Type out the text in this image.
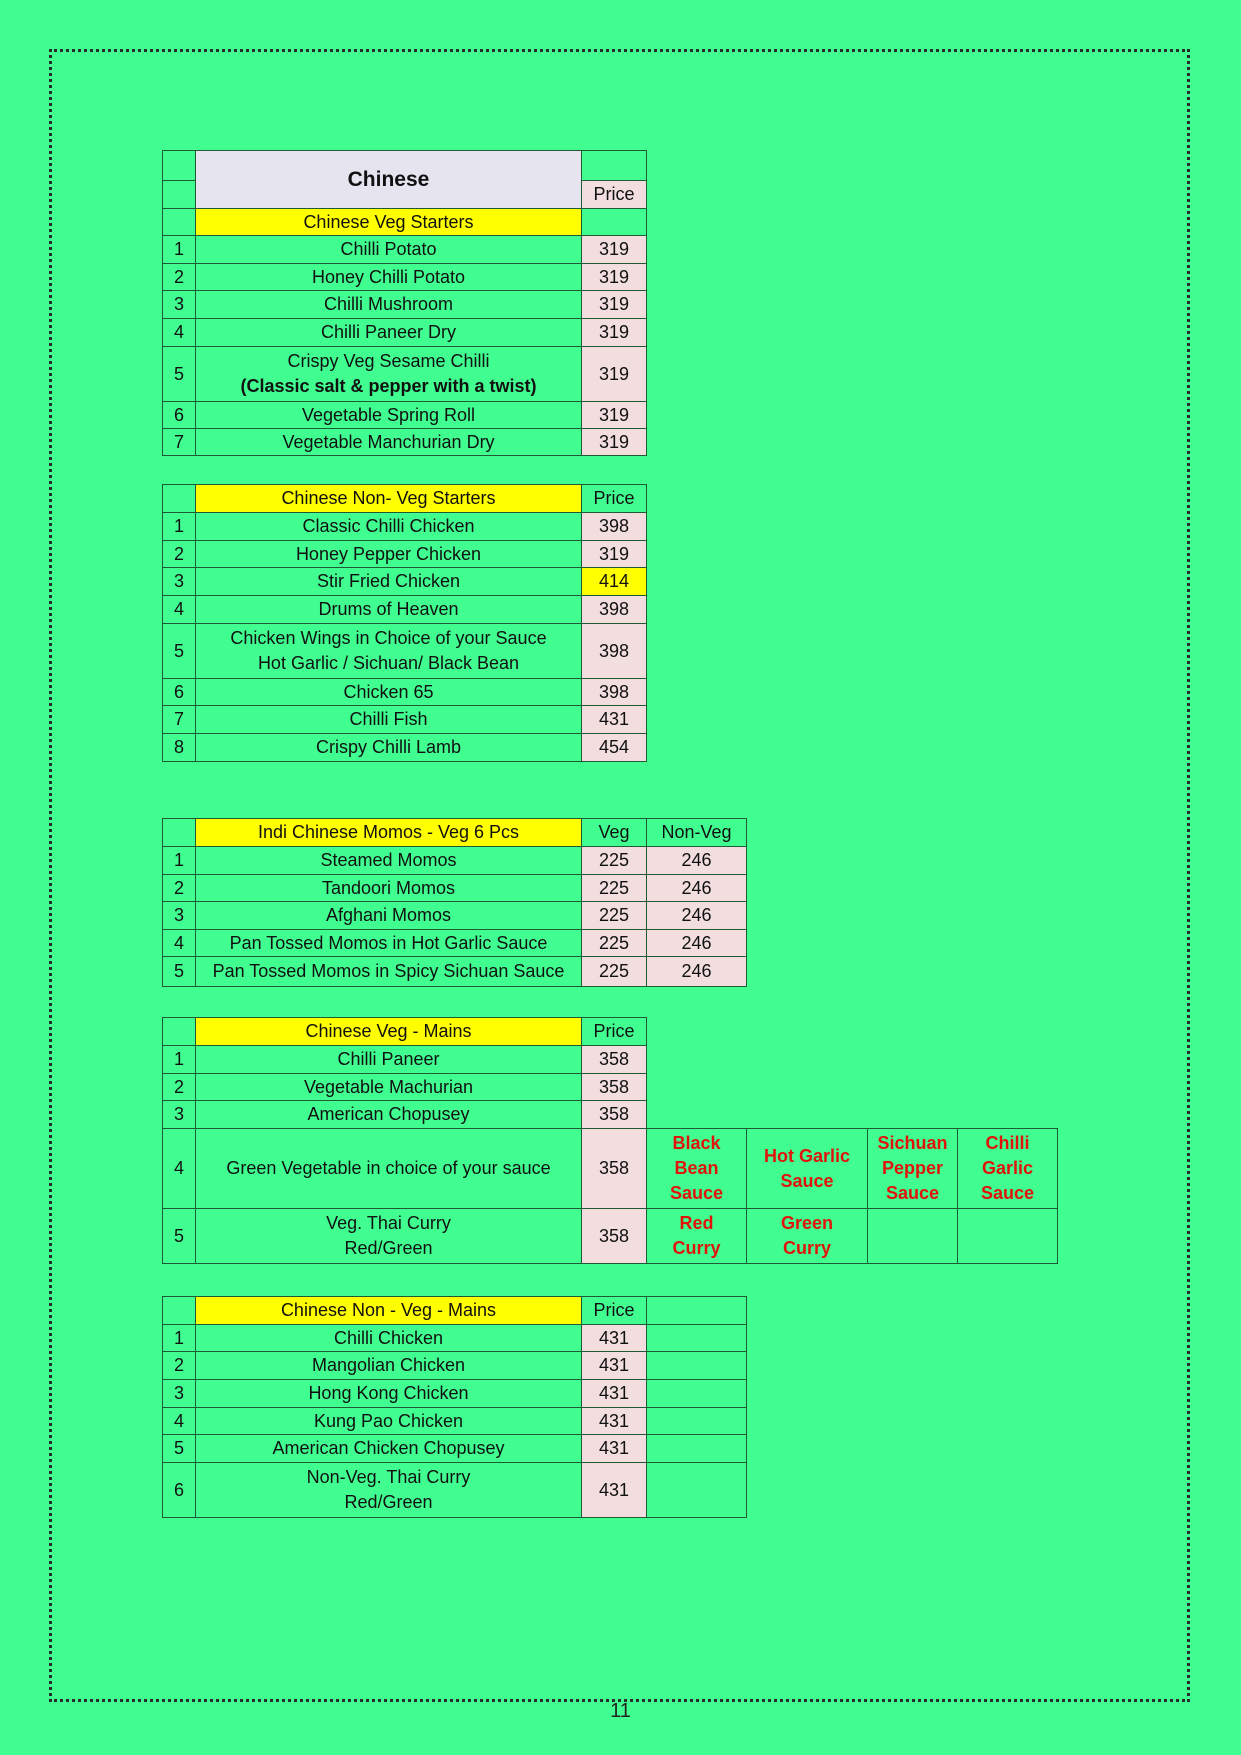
	Chinese	
		Price
	Chinese Veg Starters	
1	Chilli Potato	319
2	Honey Chilli Potato	319
3	Chilli Mushroom	319
4	Chilli Paneer Dry	319
5	Crispy Veg Sesame Chilli
(Classic salt & pepper with a twist)	319
6	Vegetable Spring Roll	319
7	Vegetable Manchurian Dry	319
	Chinese Non- Veg Starters	Price
1	Classic Chilli Chicken	398
2	Honey Pepper Chicken	319
3	Stir Fried Chicken	414
4	Drums of Heaven	398
5	Chicken Wings in Choice of your Sauce
Hot Garlic / Sichuan/ Black Bean	398
6	Chicken 65	398
7	Chilli Fish	431
8	Crispy Chilli Lamb	454
	Indi Chinese Momos - Veg 6 Pcs	Veg	Non-Veg
1	Steamed Momos	225	246
2	Tandoori Momos	225	246
3	Afghani Momos	225	246
4	Pan Tossed Momos in Hot Garlic Sauce	225	246
5	Pan Tossed Momos in Spicy Sichuan Sauce	225	246
	Chinese Veg - Mains	Price				
1	Chilli Paneer	358				
2	Vegetable Machurian	358				
3	American Chopusey	358				
4	Green Vegetable in choice of your sauce	358	Black
Bean
Sauce	Hot Garlic
Sauce	Sichuan
Pepper
Sauce	Chilli
Garlic
Sauce
5	Veg. Thai Curry
Red/Green	358	Red
Curry	Green
Curry		
	Chinese Non - Veg - Mains	Price	
1	Chilli Chicken	431	
2	Mangolian Chicken	431	
3	Hong Kong Chicken	431	
4	Kung Pao Chicken	431	
5	American Chicken Chopusey	431	
6	Non-Veg. Thai Curry
Red/Green	431	
11
